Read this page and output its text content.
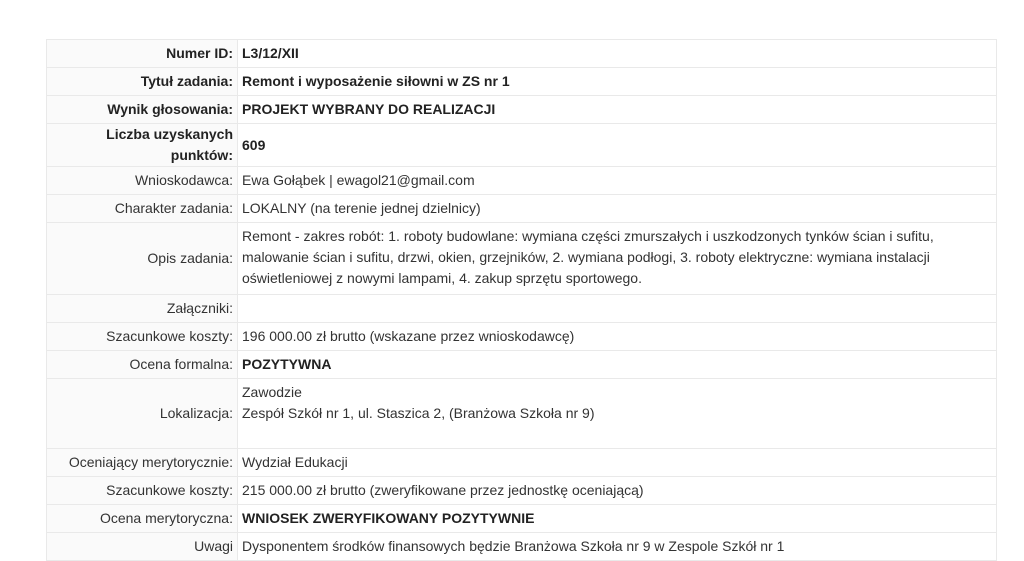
Numer ID:	L3/12/XII
Tytuł zadania:	Remont i wyposażenie siłowni w ZS nr 1
Wynik głosowania:	PROJEKT WYBRANY DO REALIZACJI
Liczba uzyskanych punktów:	609
Wnioskodawca:	Ewa Gołąbek | ewagol21@gmail.com
Charakter zadania:	LOKALNY (na terenie jednej dzielnicy)
Opis zadania:	Remont - zakres robót: 1. roboty budowlane: wymiana części zmurszałych i uszkodzonych tynków ścian i sufitu, malowanie ścian i sufitu, drzwi, okien, grzejników, 2. wymiana podłogi, 3. roboty elektryczne: wymiana instalacji oświetleniowej z nowymi lampami, 4. zakup sprzętu sportowego.

Załączniki:	
Szacunkowe koszty:	196 000.00 zł brutto (wskazane przez wnioskodawcę)
Ocena formalna:	POZYTYWNA
Lokalizacja:	Zawodzie
Zespół Szkół nr 1, ul. Staszica 2, (Branżowa Szkoła nr 9)

Oceniający merytorycznie:	Wydział Edukacji
Szacunkowe koszty:	215 000.00 zł brutto (zweryfikowane przez jednostkę oceniającą)
Ocena merytoryczna:	WNIOSEK ZWERYFIKOWANY POZYTYWNIE
Uwagi	Dysponentem środków finansowych będzie Branżowa Szkoła nr 9 w Zespole Szkół nr 1
